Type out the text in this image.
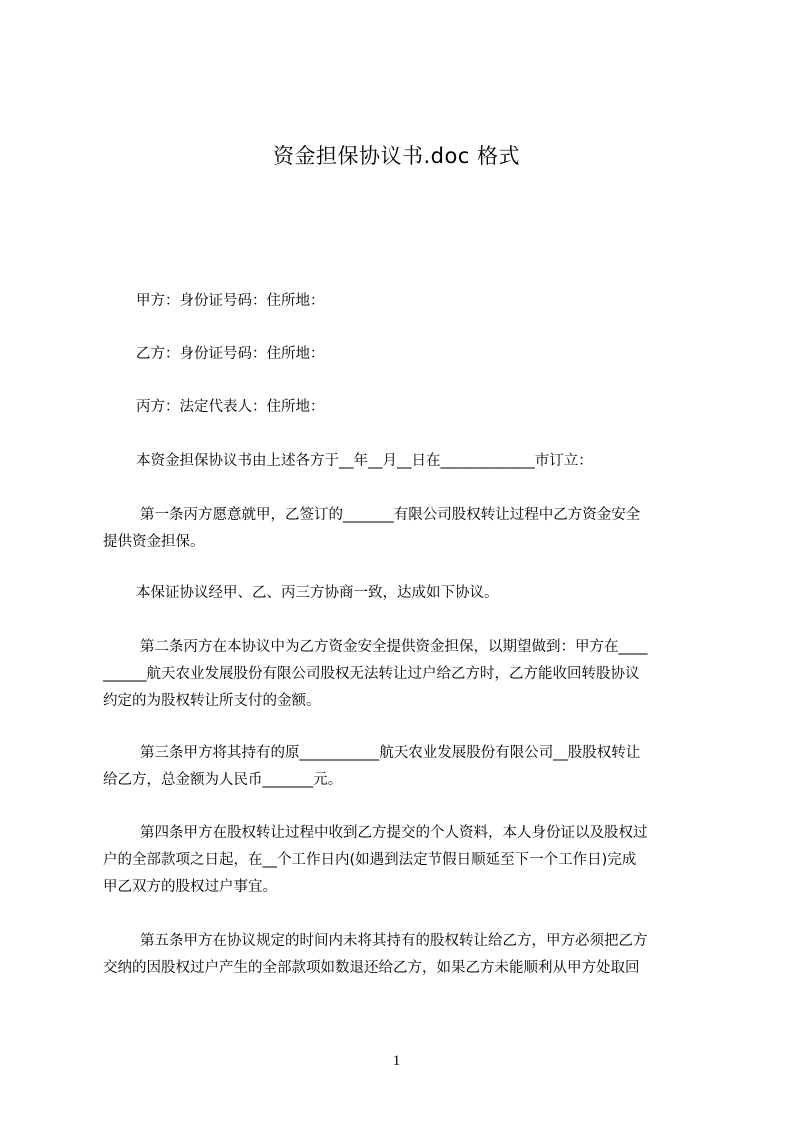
资金担保协议书.doc 格式
甲方：身份证号码：住所地：
乙方：身份证号码：住所地：
丙方：法定代表人：住所地：
本资金担保协议书由上述各方于__年__月__日在_____________市订立：
第一条丙方愿意就甲，乙签订的_______有限公司股权转让过程中乙方资金安全
提供资金担保。
本保证协议经甲、乙、丙三方协商一致，达成如下协议。
第二条丙方在本协议中为乙方资金安全提供资金担保，以期望做到：甲方在____
______航天农业发展股份有限公司股权无法转让过户给乙方时，乙方能收回转股协议
约定的为股权转让所支付的金额。
第三条甲方将其持有的原___________航天农业发展股份有限公司__股股权转让
给乙方，总金额为人民币_______元。
第四条甲方在股权转让过程中收到乙方提交的个人资料，本人身份证以及股权过
户的全部款项之日起，在__个工作日内(如遇到法定节假日顺延至下一个工作日)完成
甲乙双方的股权过户事宜。
第五条甲方在协议规定的时间内未将其持有的股权转让给乙方，甲方必须把乙方
交纳的因股权过户产生的全部款项如数退还给乙方，如果乙方未能顺利从甲方处取回
1
